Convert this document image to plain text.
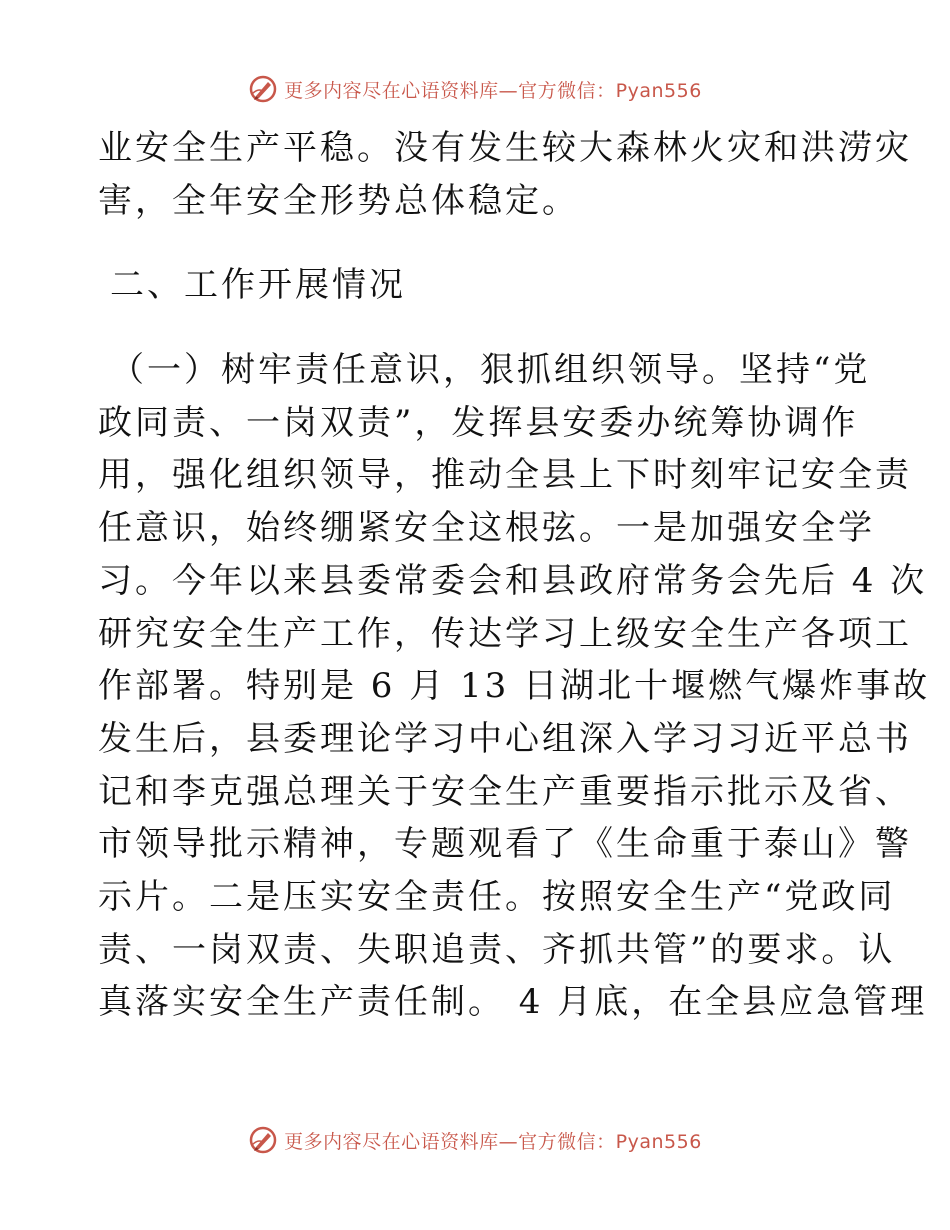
更多内容尽在心语资料库—官方微信：Pyan556
业安全生产平稳。没有发生较大森林火灾和洪涝灾
害，全年安全形势总体稳定。
二、工作开展情况
（一）树牢责任意识，狠抓组织领导。坚持“党
政同责、一岗双责”，发挥县安委办统筹协调作
用，强化组织领导，推动全县上下时刻牢记安全责
任意识，始终绷紧安全这根弦。一是加强安全学
习。今年以来县委常委会和县政府常务会先后 4 次
研究安全生产工作，传达学习上级安全生产各项工
作部署。特别是 6 月 13 日湖北十堰燃气爆炸事故
发生后，县委理论学习中心组深入学习习近平总书
记和李克强总理关于安全生产重要指示批示及省、
市领导批示精神，专题观看了《生命重于泰山》警
示片。二是压实安全责任。按照安全生产“党政同
责、一岗双责、失职追责、齐抓共管”的要求。认
真落实安全生产责任制。 4 月底，在全县应急管理
更多内容尽在心语资料库—官方微信：Pyan556
